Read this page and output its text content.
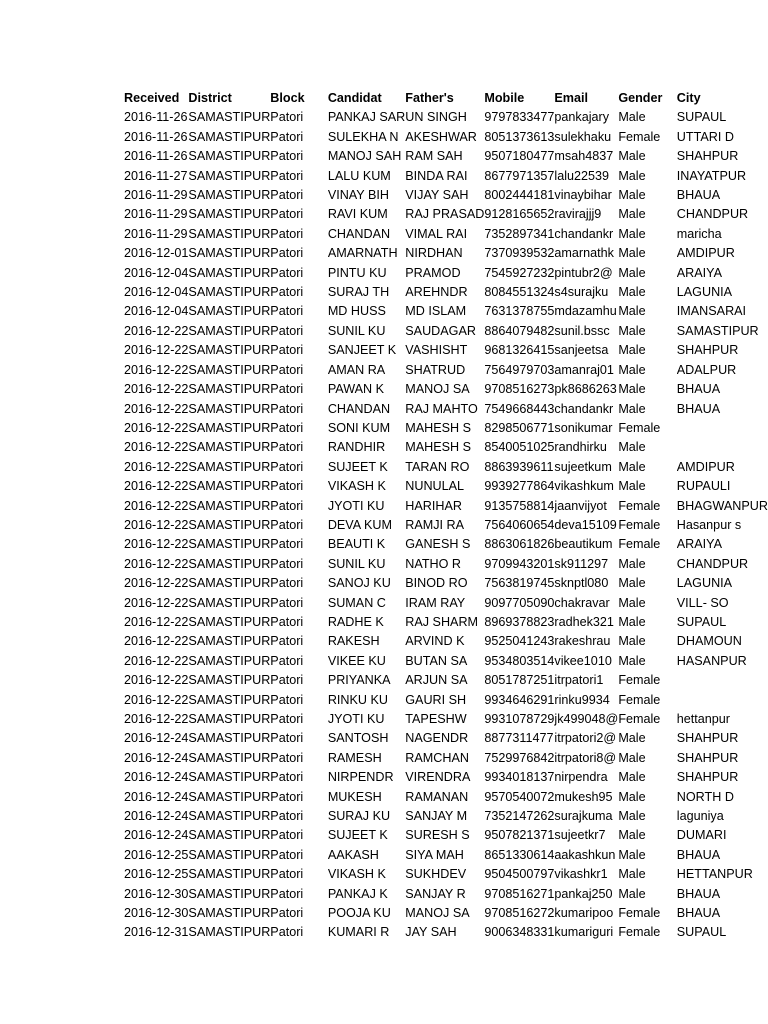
Received	District	Block	Candidat	Father's	Mobile	Email	Gender	City
2016-11-26	SAMASTIPUR	Patori	PANKAJ SAR	UN SINGH	9797833477	pankajary	Male	SUPAUL
2016-11-26	SAMASTIPUR	Patori	SULEKHA N	AKESHWAR	8051373613	sulekhaku	Female	UTTARI D
2016-11-26	SAMASTIPUR	Patori	MANOJ SAH	RAM SAH	9507180477	msah4837	Male	SHAHPUR
2016-11-27	SAMASTIPUR	Patori	LALU KUM	BINDA RAI	8677971357	lalu22539	Male	INAYATPUR
2016-11-29	SAMASTIPUR	Patori	VINAY BIH	VIJAY SAH	8002444181	vinaybihar	Male	BHAUA
2016-11-29	SAMASTIPUR	Patori	RAVI KUM	RAJ PRASAD	9128165652	ravirajjj9	Male	CHANDPUR
2016-11-29	SAMASTIPUR	Patori	CHANDAN	VIMAL RAI	7352897341	chandankr	Male	maricha
2016-12-01	SAMASTIPUR	Patori	AMARNATH	NIRDHAN	7370939532	amarnathk	Male	AMDIPUR
2016-12-04	SAMASTIPUR	Patori	PINTU KU	PRAMOD	7545927232	pintubr2@	Male	ARAIYA
2016-12-04	SAMASTIPUR	Patori	SURAJ TH	AREHNDR	8084551324	s4surajku	Male	LAGUNIA
2016-12-04	SAMASTIPUR	Patori	MD HUSS	MD ISLAM	7631378755	mdazamhu	Male	IMANSARAI
2016-12-22	SAMASTIPUR	Patori	SUNIL KU	SAUDAGAR	8864079482	sunil.bssc	Male	SAMASTIPUR
2016-12-22	SAMASTIPUR	Patori	SANJEET K	VASHISHT	9681326415	sanjeetsa	Male	SHAHPUR
2016-12-22	SAMASTIPUR	Patori	AMAN RA	SHATRUD	7564979703	amanraj01	Male	ADALPUR
2016-12-22	SAMASTIPUR	Patori	PAWAN K	MANOJ SA	9708516273	pk8686263	Male	BHAUA
2016-12-22	SAMASTIPUR	Patori	CHANDAN	RAJ MAHTO	7549668443	chandankr	Male	BHAUA
2016-12-22	SAMASTIPUR	Patori	SONI KUM	MAHESH S	8298506771	sonikumar	Female	
2016-12-22	SAMASTIPUR	Patori	RANDHIR	MAHESH S	8540051025	randhirku	Male	
2016-12-22	SAMASTIPUR	Patori	SUJEET K	TARAN RO	8863939611	sujeetkum	Male	AMDIPUR
2016-12-22	SAMASTIPUR	Patori	VIKASH K	NUNULAL	9939277864	vikashkum	Male	RUPAULI
2016-12-22	SAMASTIPUR	Patori	JYOTI KU	HARIHAR	9135758814	jaanvijyot	Female	BHAGWANPUR
2016-12-22	SAMASTIPUR	Patori	DEVA KUM	RAMJI RA	7564060654	deva15109	Female	Hasanpur s
2016-12-22	SAMASTIPUR	Patori	BEAUTI K	GANESH S	8863061826	beautikum	Female	ARAIYA
2016-12-22	SAMASTIPUR	Patori	SUNIL KU	NATHO R	9709943201	sk911297	Male	CHANDPUR
2016-12-22	SAMASTIPUR	Patori	SANOJ KU	BINOD RO	7563819745	sknptl080	Male	LAGUNIA
2016-12-22	SAMASTIPUR	Patori	SUMAN C	IRAM RAY	9097705090	chakravar	Male	VILL- SO
2016-12-22	SAMASTIPUR	Patori	RADHE K	RAJ SHARM	8969378823	radhek321	Male	SUPAUL
2016-12-22	SAMASTIPUR	Patori	RAKESH	ARVIND K	9525041243	rakeshrau	Male	DHAMOUN
2016-12-22	SAMASTIPUR	Patori	VIKEE KU	BUTAN SA	9534803514	vikee1010	Male	HASANPUR
2016-12-22	SAMASTIPUR	Patori	PRIYANKA	ARJUN SA	8051787251	itrpatori1	Female	
2016-12-22	SAMASTIPUR	Patori	RINKU KU	GAURI SH	9934646291	rinku9934	Female	
2016-12-22	SAMASTIPUR	Patori	JYOTI KU	TAPESHW	9931078729	jk499048@	Female	hettanpur
2016-12-24	SAMASTIPUR	Patori	SANTOSH	NAGENDR	8877311477	itrpatori2@	Male	SHAHPUR
2016-12-24	SAMASTIPUR	Patori	RAMESH	RAMCHAN	7529976842	itrpatori8@	Male	SHAHPUR
2016-12-24	SAMASTIPUR	Patori	NIRPENDR	VIRENDRA	9934018137	nirpendra	Male	SHAHPUR
2016-12-24	SAMASTIPUR	Patori	MUKESH	RAMANAN	9570540072	mukesh95	Male	NORTH D
2016-12-24	SAMASTIPUR	Patori	SURAJ KU	SANJAY M	7352147262	surajkuma	Male	laguniya
2016-12-24	SAMASTIPUR	Patori	SUJEET K	SURESH S	9507821371	sujeetkr7	Male	DUMARI
2016-12-25	SAMASTIPUR	Patori	AAKASH	SIYA MAH	8651330614	aakashkun	Male	BHAUA
2016-12-25	SAMASTIPUR	Patori	VIKASH K	SUKHDEV	9504500797	vikashkr1	Male	HETTANPUR
2016-12-30	SAMASTIPUR	Patori	PANKAJ K	SANJAY R	9708516271	pankaj250	Male	BHAUA
2016-12-30	SAMASTIPUR	Patori	POOJA KU	MANOJ SA	9708516272	kumaripoo	Female	BHAUA
2016-12-31	SAMASTIPUR	Patori	KUMARI R	JAY SAH	9006348331	kumariguri	Female	SUPAUL
